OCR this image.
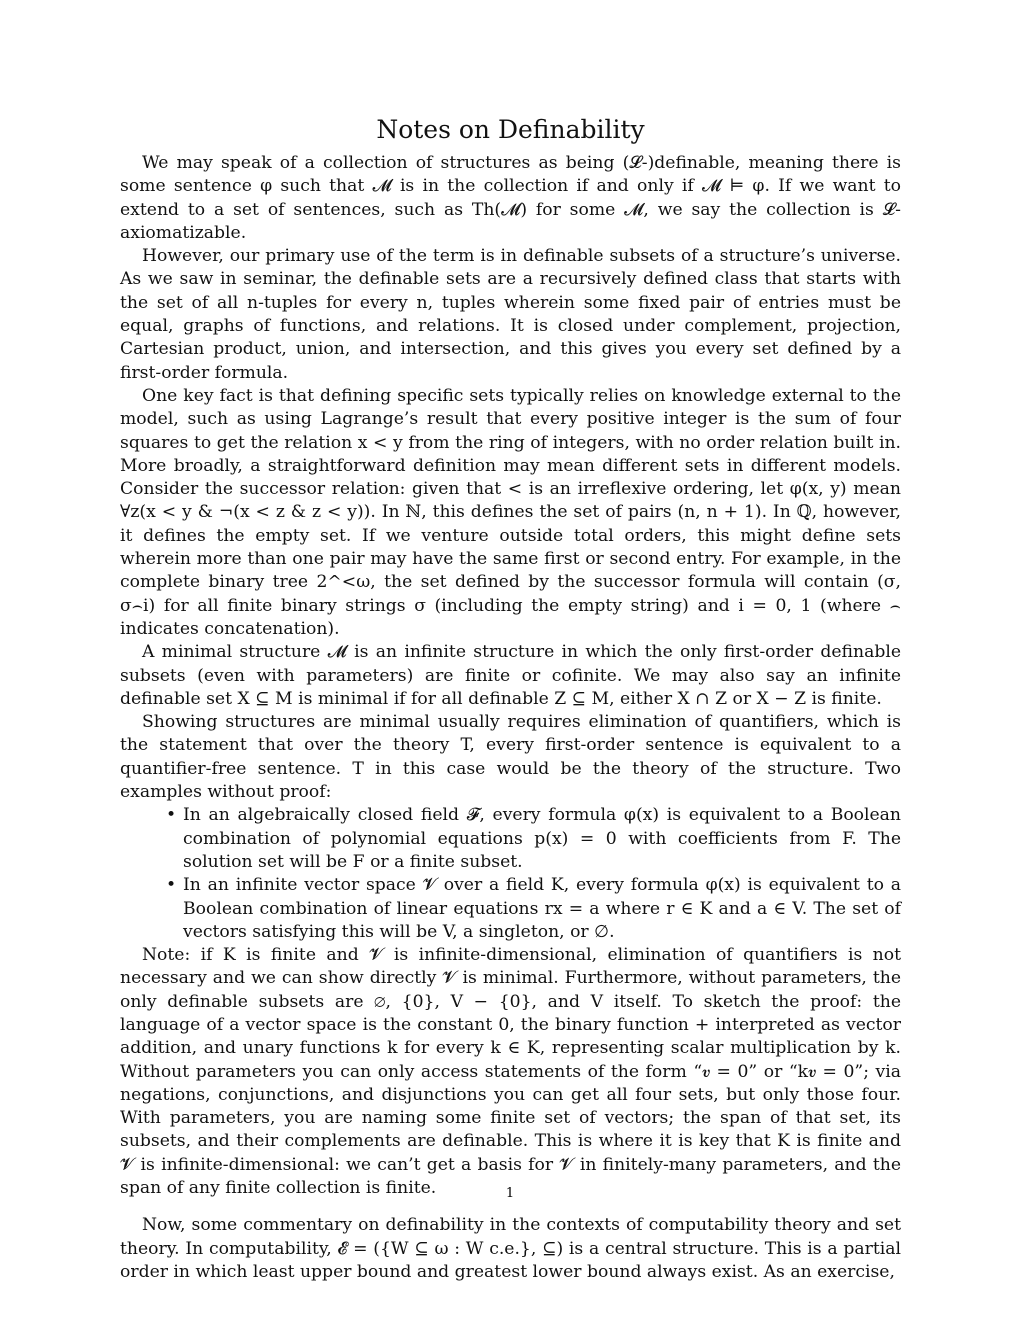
Notes on Definability

We may speak of a collection of structures as being (𝓛-)definable, meaning there is some sentence φ such that 𝓜 is in the collection if and only if 𝓜 ⊨ φ. If we want to extend to a set of sentences, such as Th(𝓜) for some 𝓜, we say the collection is 𝓛-axiomatizable.

However, our primary use of the term is in definable subsets of a structure’s universe. As we saw in seminar, the definable sets are a recursively defined class that starts with the set of all n-tuples for every n, tuples wherein some fixed pair of entries must be equal, graphs of functions, and relations. It is closed under complement, projection, Cartesian product, union, and intersection, and this gives you every set defined by a first-order formula.

One key fact is that defining specific sets typically relies on knowledge external to the model, such as using Lagrange’s result that every positive integer is the sum of four squares to get the relation x < y from the ring of integers, with no order relation built in. More broadly, a straightforward definition may mean different sets in different models. Consider the successor relation: given that < is an irreflexive ordering, let φ(x, y) mean ∀z(x < y & ¬(x < z & z < y)). In ℕ, this defines the set of pairs (n, n + 1). In ℚ, however, it defines the empty set. If we venture outside total orders, this might define sets wherein more than one pair may have the same first or second entry. For example, in the complete binary tree 2^<ω, the set defined by the successor formula will contain (σ, σ⌢i) for all finite binary strings σ (including the empty string) and i = 0, 1 (where ⌢ indicates concatenation).

A minimal structure 𝓜 is an infinite structure in which the only first-order definable subsets (even with parameters) are finite or cofinite. We may also say an infinite definable set X ⊆ M is minimal if for all definable Z ⊆ M, either X ∩ Z or X − Z is finite.

Showing structures are minimal usually requires elimination of quantifiers, which is the statement that over the theory T, every first-order sentence is equivalent to a quantifier-free sentence. T in this case would be the theory of the structure. Two examples without proof:

• In an algebraically closed field 𝓕, every formula φ(x) is equivalent to a Boolean combination of polynomial equations p(x) = 0 with coefficients from F. The solution set will be F or a finite subset.
• In an infinite vector space 𝓥 over a field K, every formula φ(x) is equivalent to a Boolean combination of linear equations rx = a where r ∈ K and a ∈ V. The set of vectors satisfying this will be V, a singleton, or ∅.

Note: if K is finite and 𝓥 is infinite-dimensional, elimination of quantifiers is not necessary and we can show directly 𝓥 is minimal. Furthermore, without parameters, the only definable subsets are ∅, {0}, V − {0}, and V itself. To sketch the proof: the language of a vector space is the constant 0, the binary function + interpreted as vector addition, and unary functions k for every k ∈ K, representing scalar multiplication by k. Without parameters you can only access statements of the form “𝒗 = 0” or “k𝒗 = 0”; via negations, conjunctions, and disjunctions you can get all four sets, but only those four. With parameters, you are naming some finite set of vectors; the span of that set, its subsets, and their complements are definable. This is where it is key that K is finite and 𝓥 is infinite-dimensional: we can’t get a basis for 𝓥 in finitely-many parameters, and the span of any finite collection is finite.

Now, some commentary on definability in the contexts of computability theory and set theory. In computability, 𝓔 = ({W ⊆ ω : W c.e.}, ⊆) is a central structure. This is a partial order in which least upper bound and greatest lower bound always exist. As an exercise,

1
